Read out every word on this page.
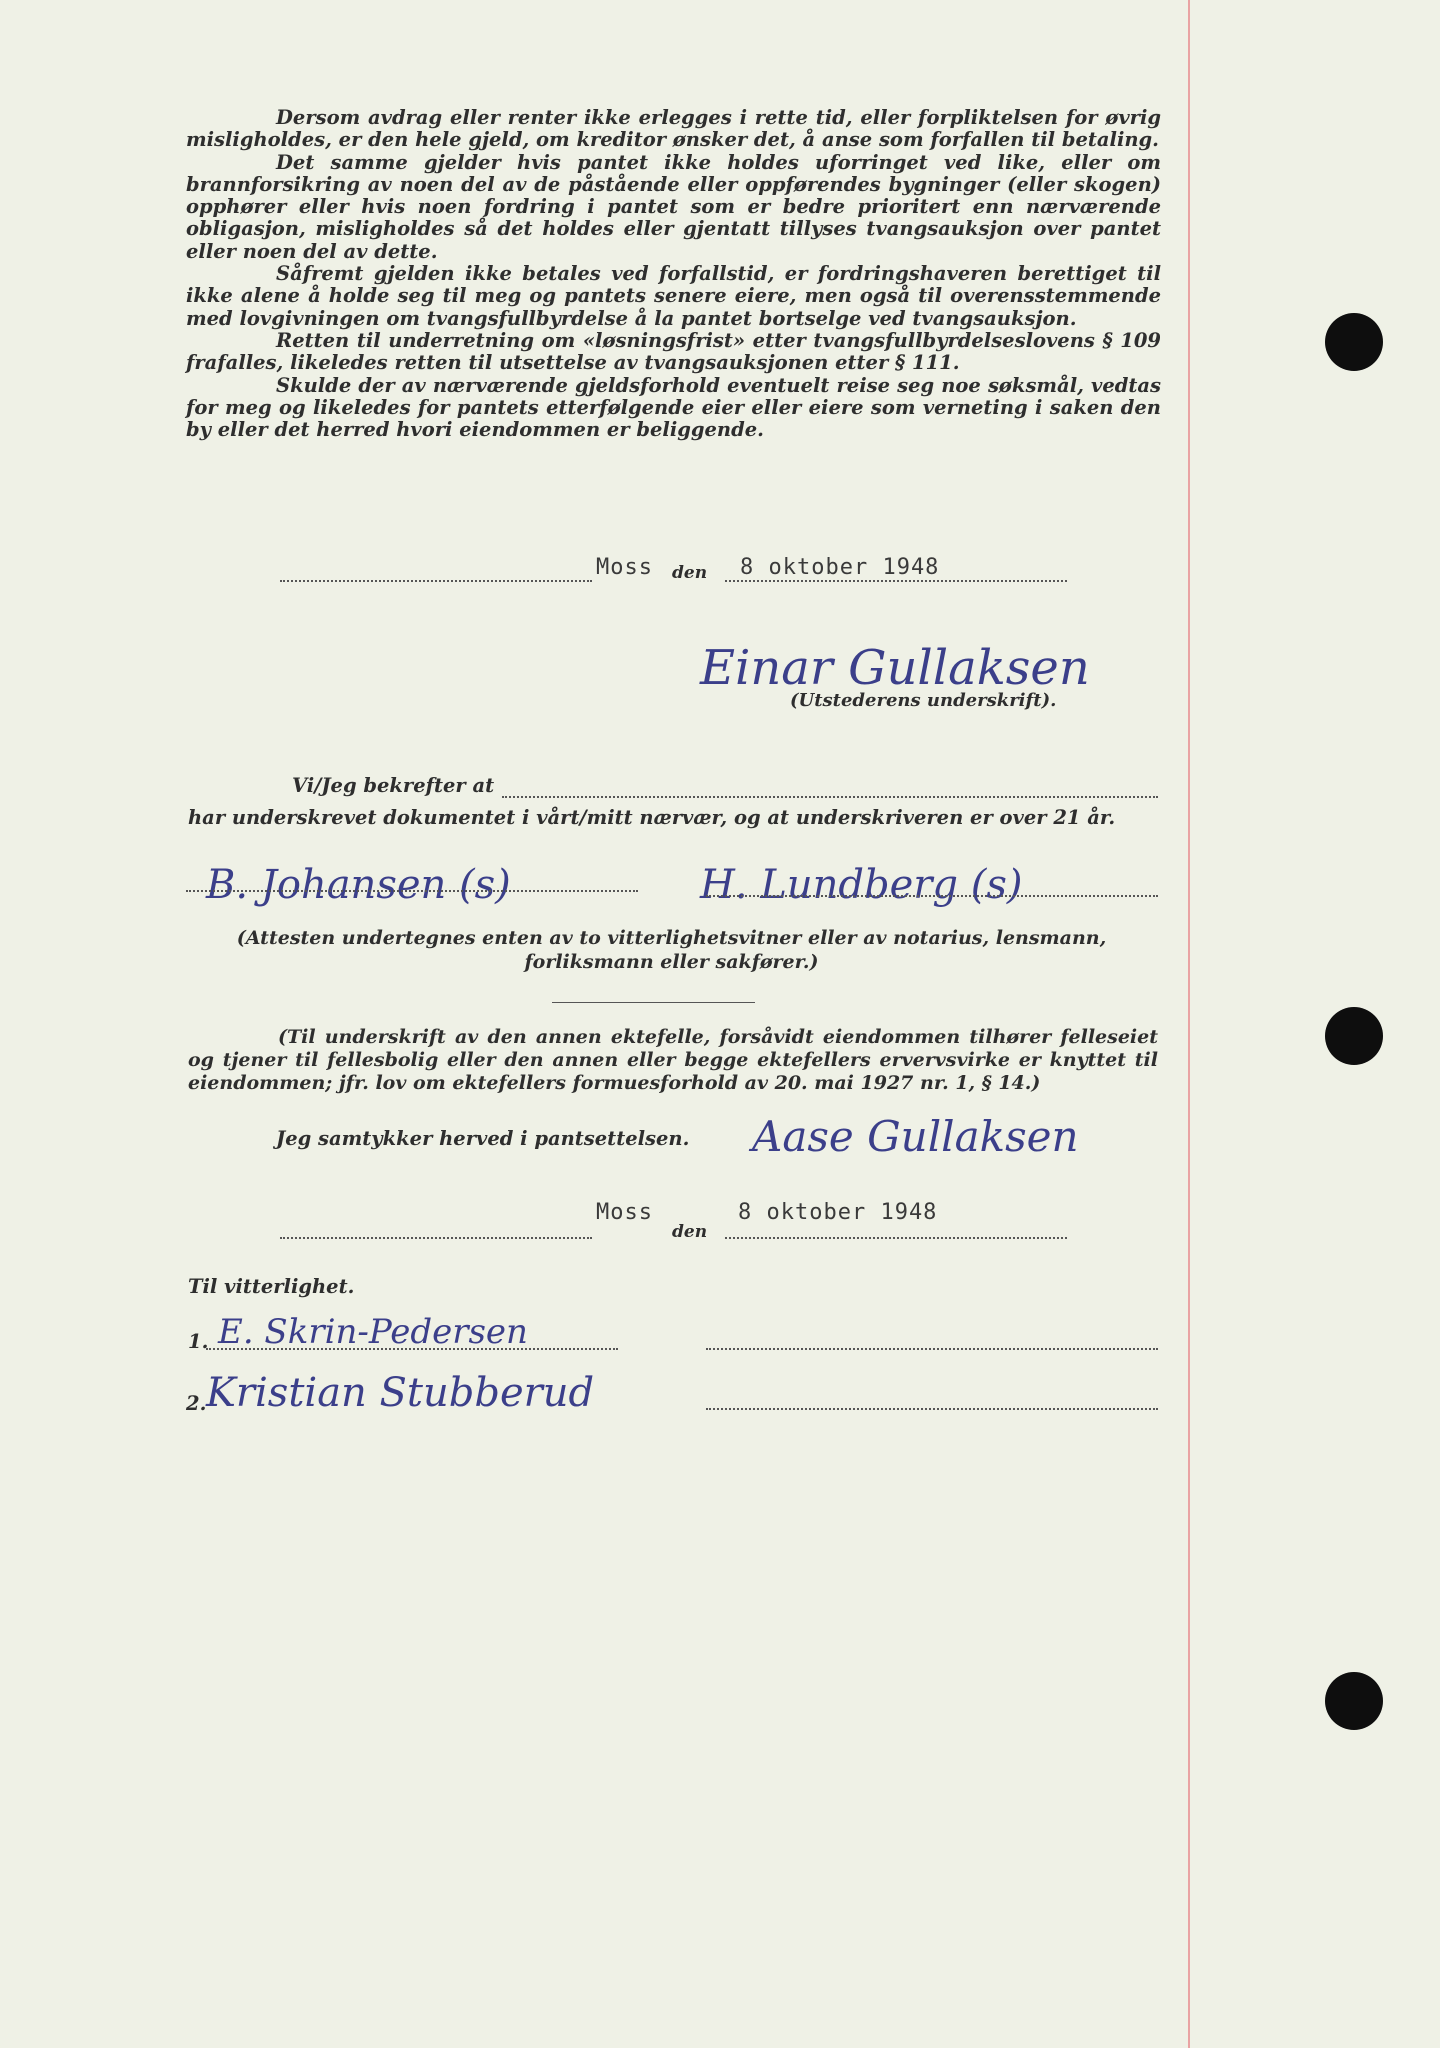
Dersom avdrag eller renter ikke erlegges i rette tid, eller forpliktelsen for øvrig misligholdes, er den hele gjeld, om kreditor ønsker det, å anse som forfallen til betaling.

Det samme gjelder hvis pantet ikke holdes uforringet ved like, eller om brannforsikring av noen del av de påstående eller oppførendes bygninger (eller skogen) opphører eller hvis noen fordring i pantet som er bedre prioritert enn nærværende obligasjon, misligholdes så det holdes eller gjentatt tillyses tvangsauksjon over pantet eller noen del av dette.

Såfremt gjelden ikke betales ved forfallstid, er fordringshaveren berettiget til ikke alene å holde seg til meg og pantets senere eiere, men også til overensstemmende med lovgivningen om tvangsfullbyrdelse å la pantet bortselge ved tvangsauksjon.

Retten til underretning om «løsningsfrist» etter tvangsfullbyrdelseslovens § 109 frafalles, likeledes retten til utsettelse av tvangsauksjonen etter § 111.

Skulde der av nærværende gjeldsforhold eventuelt reise seg noe søksmål, vedtas for meg og likeledes for pantets etterfølgende eier eller eiere som verneting i saken den by eller det herred hvori eiendommen er beliggende.

Moss den 8 oktober 1948
Einar Gullaksen
(Utstederens underskrift).
Vi/Jeg bekrefter at
har underskrevet dokumentet i vårt/mitt nærvær, og at underskriveren er over 21 år.
B. Johansen (s)	H. Lundberg (s)
(Attesten undertegnes enten av to vitterlighetsvitner eller av notarius, lensmann, forliksmann eller sakfører.)
(Til underskrift av den annen ektefelle, forsåvidt eiendommen tilhører felleseiet og tjener til fellesbolig eller den annen eller begge ektefellers ervervsvirke er knyttet til eiendommen; jfr. lov om ektefellers formuesforhold av 20. mai 1927 nr. 1, § 14.)
Jeg samtykker herved i pantsettelsen. Aase Gullaksen
Moss
den
8 oktober 1948
Til vitterlighet.
1. E. Skrin-Pedersen
2. Kristian Stubberud
